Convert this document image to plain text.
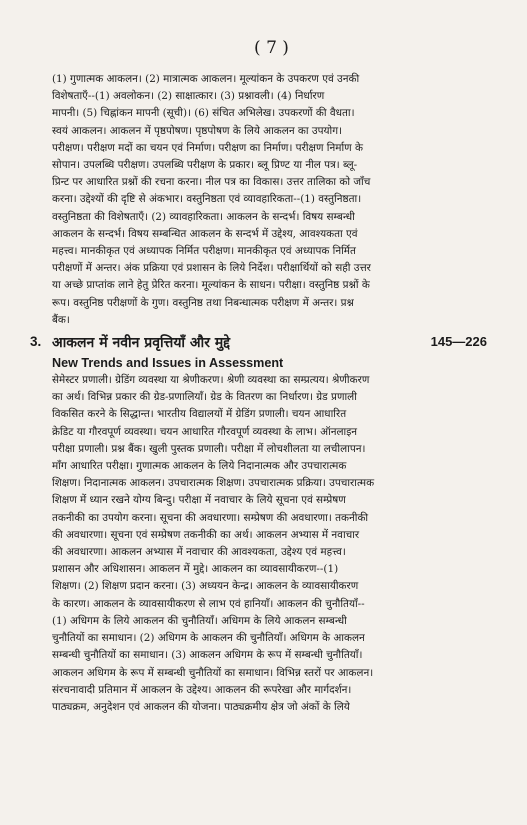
( 7 )
(1) गुणात्मक आकलन। (2) मात्रात्मक आकलन। मूल्यांकन के उपकरण एवं उनकी
विशेषताएँ--(1) अवलोकन। (2) साक्षात्कार। (3) प्रश्नावली। (4) निर्धारण
मापनी। (5) चिह्नांकन मापनी (सूची)। (6) संचित अभिलेख। उपकरणों की वैधता।
स्वयं आकलन। आकलन में पृष्ठपोषण। पृष्ठपोषण के लिये आकलन का उपयोग।
परीक्षण। परीक्षण मदों का चयन एवं निर्माण। परीक्षण का निर्माण। परीक्षण निर्माण के
सोपान। उपलब्धि परीक्षण। उपलब्धि परीक्षण के प्रकार। ब्लू प्रिण्ट या नील पत्र। ब्लू-
प्रिन्ट पर आधारित प्रश्नों की रचना करना। नील पत्र का विकास। उत्तर तालिका को जाँच
करना। उद्देश्यों की दृष्टि से अंकभार। वस्तुनिष्ठता एवं व्यावहारिकता--(1) वस्तुनिष्ठता।
वस्तुनिष्ठता की विशेषताएँ। (2) व्यावहारिकता। आकलन के सन्दर्भ। विषय सम्बन्धी
आकलन के सन्दर्भ। विषय सम्बन्धित आकलन के सन्दर्भ में उद्देश्य, आवश्यकता एवं
महत्त्व। मानकीकृत एवं अध्यापक निर्मित परीक्षण। मानकीकृत एवं अध्यापक निर्मित
परीक्षणों में अन्तर। अंक प्रक्रिया एवं प्रशासन के लिये निर्देश। परीक्षार्थियों को सही उत्तर
या अच्छे प्राप्तांक लाने हेतु प्रेरित करना। मूल्यांकन के साधन। परीक्षा। वस्तुनिष्ठ प्रश्नों के
रूप। वस्तुनिष्ठ परीक्षणों के गुण। वस्तुनिष्ठ तथा निबन्धात्मक परीक्षण में अन्तर। प्रश्न
बैंक।
3. आकलन में नवीन प्रवृत्तियाँ और मुद्दे	145—226
New Trends and Issues in Assessment
सेमेस्टर प्रणाली। ग्रेडिंग व्यवस्था या श्रेणीकरण। श्रेणी व्यवस्था का सम्प्रत्यय। श्रेणीकरण
का अर्थ। विभिन्न प्रकार की ग्रेड-प्रणालियाँ। ग्रेड के वितरण का निर्धारण। ग्रेड प्रणाली
विकसित करने के सिद्धान्त। भारतीय विद्यालयों में ग्रेडिंग प्रणाली। चयन आधारित
क्रेडिट या गौरवपूर्ण व्यवस्था। चयन आधारित गौरवपूर्ण व्यवस्था के लाभ। ऑनलाइन
परीक्षा प्रणाली। प्रश्न बैंक। खुली पुस्तक प्रणाली। परीक्षा में लोचशीलता या लचीलापन।
माँग आधारित परीक्षा। गुणात्मक आकलन के लिये निदानात्मक और उपचारात्मक
शिक्षण। निदानात्मक आकलन। उपचारात्मक शिक्षण। उपचारात्मक प्रक्रिया। उपचारात्मक
शिक्षण में ध्यान रखने योग्य बिन्दु। परीक्षा में नवाचार के लिये सूचना एवं सम्प्रेषण
तकनीकी का उपयोग करना। सूचना की अवधारणा। सम्प्रेषण की अवधारणा। तकनीकी
की अवधारणा। सूचना एवं सम्प्रेषण तकनीकी का अर्थ। आकलन अभ्यास में नवाचार
की अवधारणा। आकलन अभ्यास में नवाचार की आवश्यकता, उद्देश्य एवं महत्त्व।
प्रशासन और अधिशासन। आकलन में मुद्दे। आकलन का व्यावसायीकरण--(1)
शिक्षण। (2) शिक्षण प्रदान करना। (3) अध्ययन केन्द्र। आकलन के व्यावसायीकरण
के कारण। आकलन के व्यावसायीकरण से लाभ एवं हानियाँ। आकलन की चुनौतियाँ--
(1) अधिगम के लिये आकलन की चुनौतियाँ। अधिगम के लिये आकलन सम्बन्धी
चुनौतियों का समाधान। (2) अधिगम के आकलन की चुनौतियाँ। अधिगम के आकलन
सम्बन्धी चुनौतियों का समाधान। (3) आकलन अधिगम के रूप में सम्बन्धी चुनौतियाँ।
आकलन अधिगम के रूप में सम्बन्धी चुनौतियों का समाधान। विभिन्न स्तरों पर आकलन।
संरचनावादी प्रतिमान में आकलन के उद्देश्य। आकलन की रूपरेखा और मार्गदर्शन।
पाठ्यक्रम, अनुदेशन एवं आकलन की योजना। पाठ्यक्रमीय क्षेत्र जो अंकों के लिये
